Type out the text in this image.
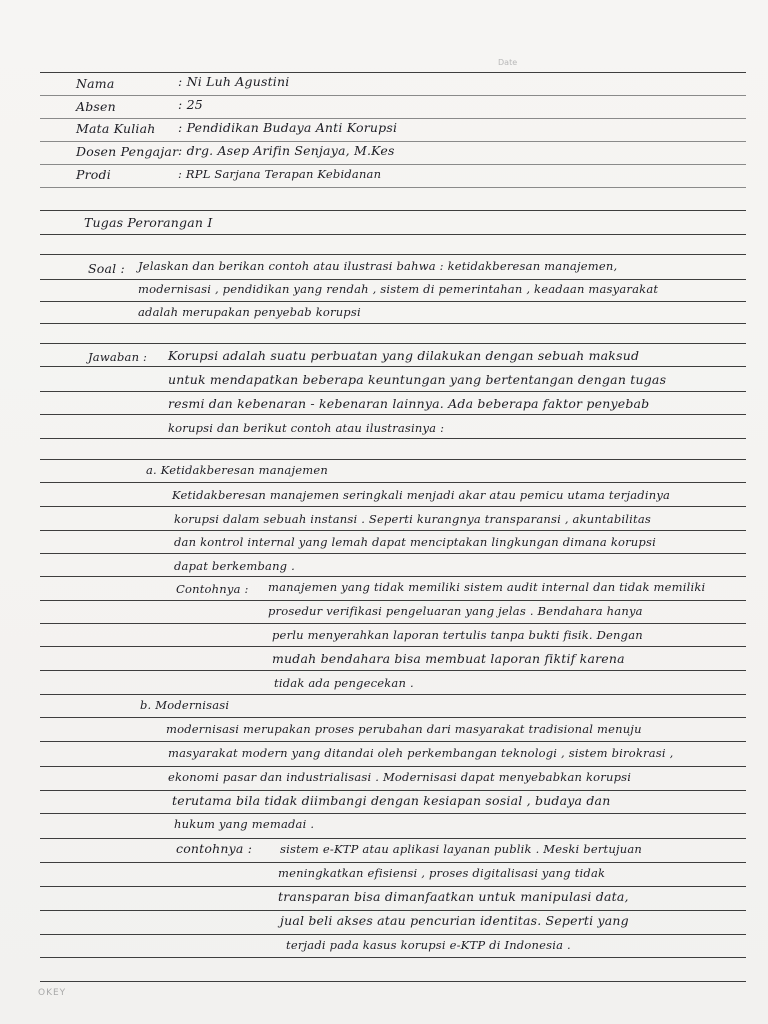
Date
Nama	: Ni Luh Agustini
Absen	: 25
Mata Kuliah : Pendidikan Budaya Anti Korupsi
Dosen Pengajar : drg. Asep Arifin Senjaya, M.Kes
Prodi	: RPL Sarjana Terapan Kebidanan
Tugas Perorangan I
Soal : Jelaskan dan berikan contoh atau ilustrasi bahwa : ketidakberesan manajemen,
modernisasi , pendidikan yang rendah , sistem di pemerintahan , keadaan masyarakat
adalah merupakan penyebab korupsi
Jawaban : Korupsi adalah suatu perbuatan yang dilakukan dengan sebuah maksud
untuk mendapatkan beberapa keuntungan yang bertentangan dengan tugas
resmi dan kebenaran - kebenaran lainnya. Ada beberapa faktor penyebab
korupsi dan berikut contoh atau ilustrasinya :
a. Ketidakberesan manajemen
Ketidakberesan manajemen seringkali menjadi akar atau pemicu utama terjadinya
korupsi dalam sebuah instansi . Seperti kurangnya transparansi , akuntabilitas
dan kontrol internal yang lemah dapat menciptakan lingkungan dimana korupsi
dapat berkembang .
Contohnya : manajemen yang tidak memiliki sistem audit internal dan tidak memiliki
prosedur verifikasi pengeluaran yang jelas . Bendahara hanya
perlu menyerahkan laporan tertulis tanpa bukti fisik. Dengan
mudah bendahara bisa membuat laporan fiktif karena
tidak ada pengecekan .
b. Modernisasi
modernisasi merupakan proses perubahan dari masyarakat tradisional menuju
masyarakat modern yang ditandai oleh perkembangan teknologi , sistem birokrasi ,
ekonomi pasar dan industrialisasi . Modernisasi dapat menyebabkan korupsi
terutama bila tidak diimbangi dengan kesiapan sosial , budaya dan
hukum yang memadai .
contohnya : sistem e-KTP atau aplikasi layanan publik . Meski bertujuan
meningkatkan efisiensi , proses digitalisasi yang tidak
transparan bisa dimanfaatkan untuk manipulasi data,
jual beli akses atau pencurian identitas. Seperti yang
terjadi pada kasus korupsi e-KTP di Indonesia .
OKEY
